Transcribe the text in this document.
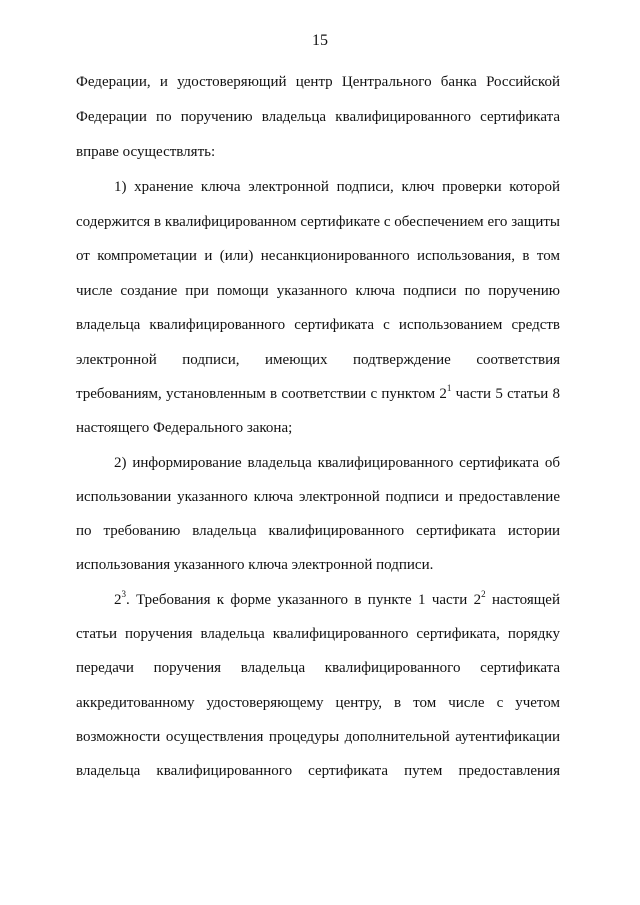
15
Федерации, и удостоверяющий центр Центрального банка Российской
Федерации по поручению владельца квалифицированного сертификата
вправе осуществлять:
1) хранение ключа электронной подписи, ключ проверки которой
содержится в квалифицированном сертификате с обеспечением его защиты
от компрометации и (или) несанкционированного использования, в том
числе создание при помощи указанного ключа подписи по поручению
владельца квалифицированного сертификата с использованием средств
электронной подписи, имеющих подтверждение соответствия
требованиям, установленным в соответствии с пунктом $2^1$ части 5 статьи 8
настоящего Федерального закона;
2) информирование владельца квалифицированного сертификата об
использовании указанного ключа электронной подписи и предоставление
по требованию владельца квалифицированного сертификата истории
использования указанного ключа электронной подписи.
$2^3$. Требования к форме указанного в пункте 1 части $2^2$ настоящей
статьи поручения владельца квалифицированного сертификата, порядку
передачи поручения владельца квалифицированного сертификата
аккредитованному удостоверяющему центру, в том числе с учетом
возможности осуществления процедуры дополнительной аутентификации
владельца квалифицированного сертификата путем предоставления
